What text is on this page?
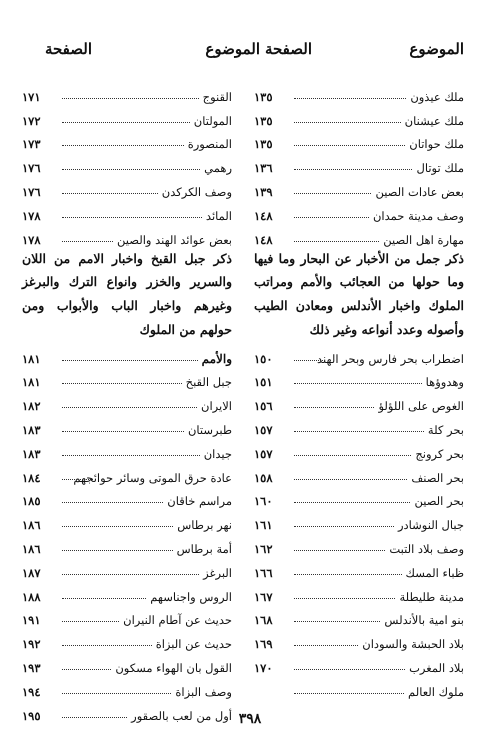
الموضوع
الصفحة
الموضوع
الصفحة
ملك عيذون
١٣٥
ملك عيشنان
١٣٥
ملك حواتان
١٣٥
ملك توتال
١٣٦
بعض عادات الصين
١٣٩
وصف مدينة حمدان
١٤٨
مهارة اهل الصين
١٤٨
ذكر جمل من الأخبار عن البحار وما فيها وما حولها من العجائب والأمم ومراتب الملوك واخبار الأندلس ومعادن الطيب وأصوله وعدد أنواعه وغير ذلك
اضطراب بحر فارس وبحر الهند
١٥٠
وهدوؤها
١٥١
الغوص على اللؤلؤ
١٥٦
بحر كلة
١٥٧
بحر كرونج
١٥٧
بحر الصنف
١٥٨
بحر الصين
١٦٠
جبال النوشادر
١٦١
وصف بلاد التبت
١٦٢
ظباء المسك
١٦٦
مدينة طليطلة
١٦٧
بنو امية بالأندلس
١٦٨
بلاد الحبشة والسودان
١٦٩
بلاد المغرب
١٧٠
ملوك العالم
القنوج
١٧١
المولتان
١٧٢
المنصورة
١٧٣
رهمي
١٧٦
وصف الكركدن
١٧٦
المائد
١٧٨
بعض عوائد الهند والصين
١٧٨
ذكر جبل القبخ واخبار الامم من اللان والسرير والخزر وانواع الترك والبرغز وغيرهم واخبار الباب والأبواب ومن حولهم من الملوك
والأمم
١٨١
جبل القبخ
١٨١
الايران
١٨٢
طبرستان
١٨٣
جيدان
١٨٣
عادة حرق الموتى وسائر حوائجهم
١٨٤
مراسم خاقان
١٨٥
نهر برطاس
١٨٦
أمة برطاس
١٨٦
البرغز
١٨٧
الروس واجناسهم
١٨٨
حديث عن آطام النيران
١٩١
حديث عن البزاة
١٩٢
القول بان الهواء مسكون
١٩٣
وصف البزاة
١٩٤
أول من لعب بالصقور
١٩٥	٣٩٨
